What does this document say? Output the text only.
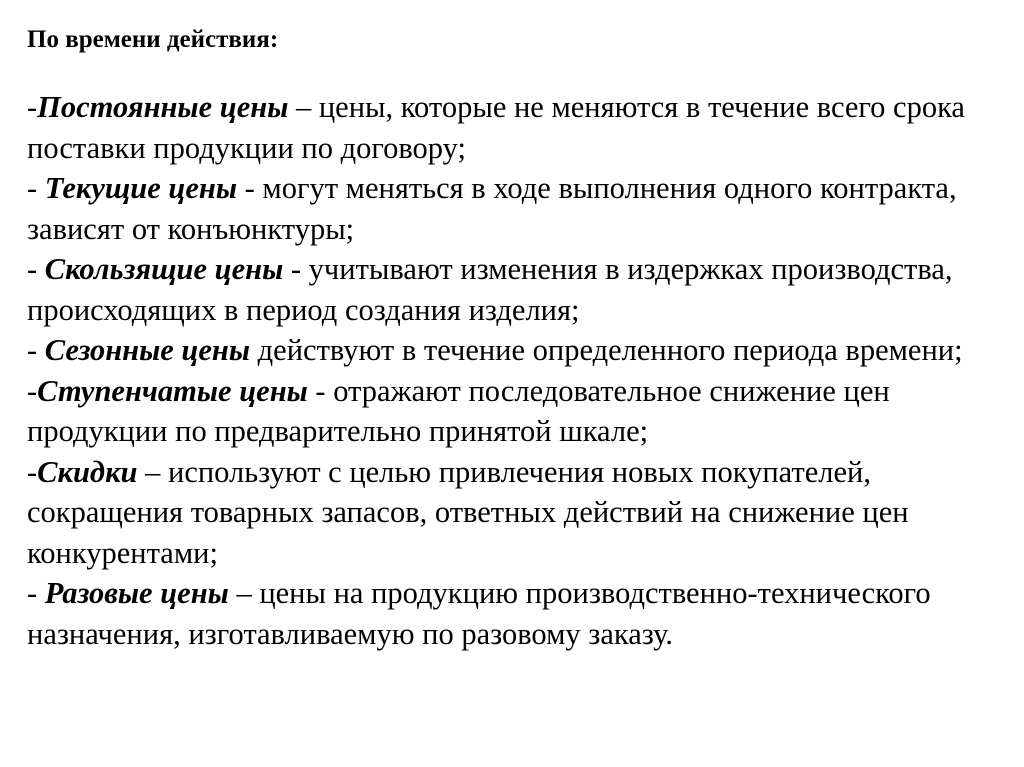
По времени действия:
-Постоянные цены – цены, которые не меняются в течение всего срока поставки продукции по договору;
- Текущие цены - могут меняться в ходе выполнения одного контракта, зависят от конъюнктуры;
- Скользящие цены - учитывают изменения в издержках производства, происходящих в период создания изделия;
- Сезонные цены действуют в течение определенного периода времени;
-Ступенчатые цены - отражают последовательное снижение цен продукции по предварительно принятой шкале;
-Скидки – используют с целью привлечения новых покупателей, сокращения товарных запасов, ответных действий на снижение цен конкурентами;
- Разовые цены – цены на продукцию производственно-технического назначения, изготавливаемую по разовому заказу.
